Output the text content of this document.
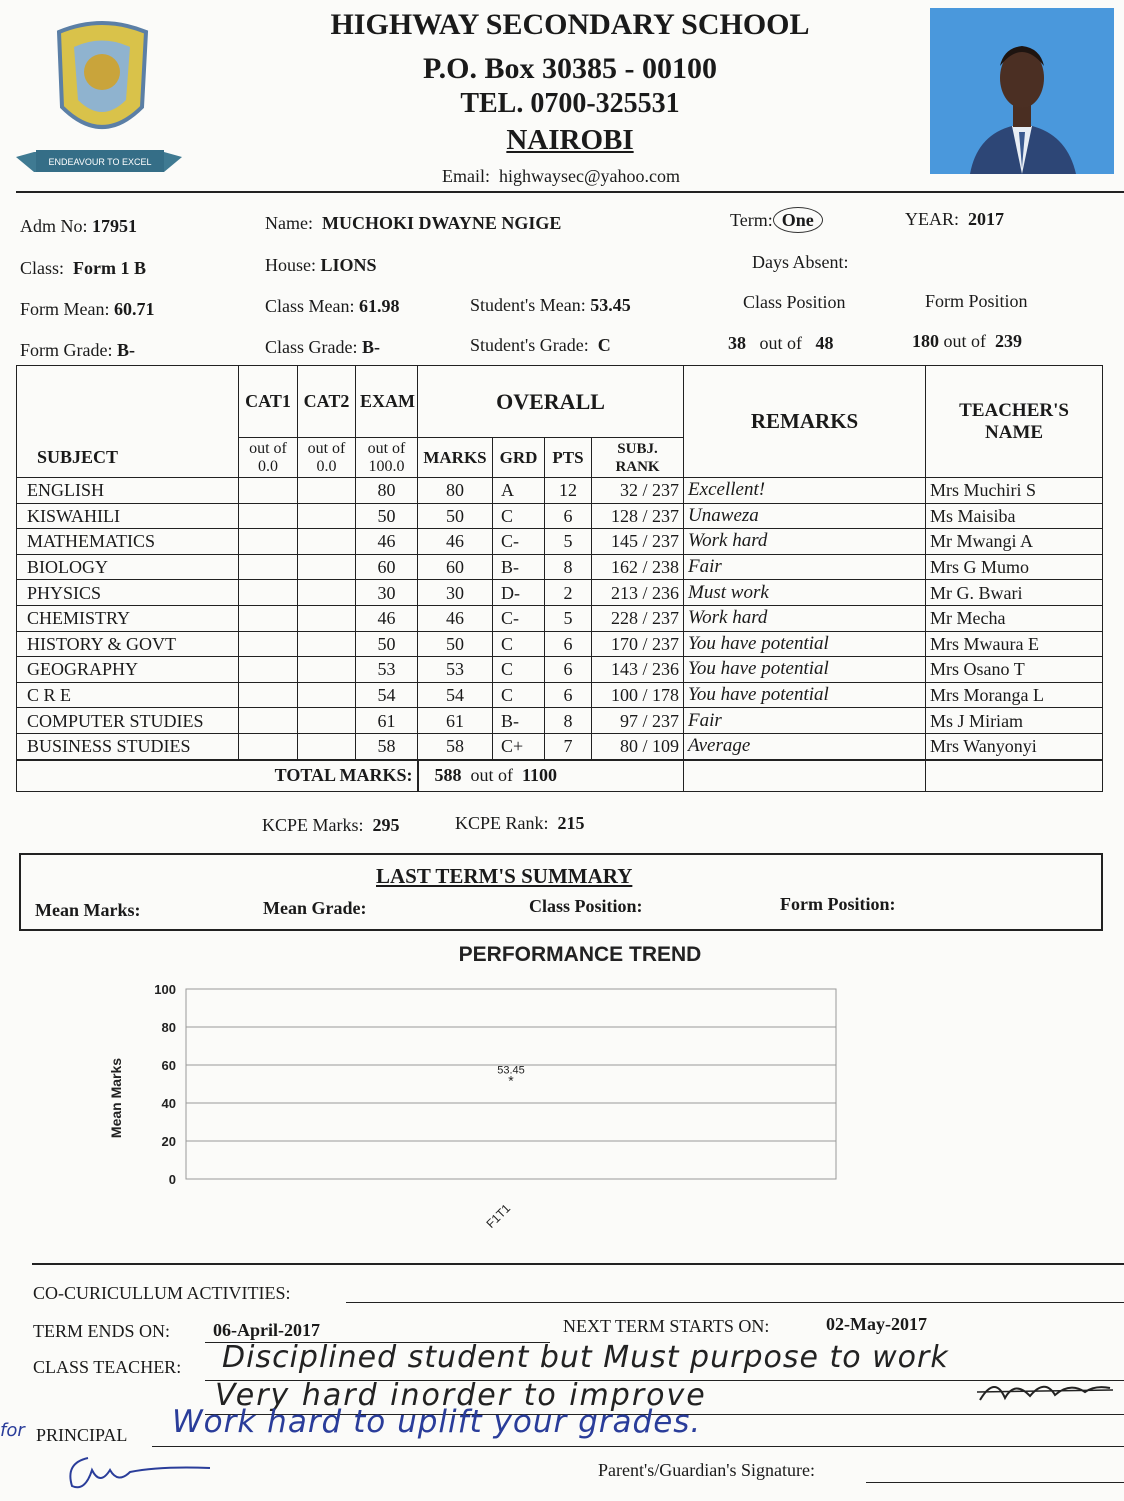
ENDEAVOUR TO EXCEL
HIGHWAY SECONDARY SCHOOL
P.O. Box 30385 - 00100
TEL. 0700-325531
NAIROBI
Email: highwaysec@yahoo.com
Adm No: 17951	Name: MUCHOKI DWAYNE NGIGE	Term: One	YEAR: 2017
Class: Form 1 B	House: LIONS	Days Absent:
Form Mean: 60.71	Class Mean: 61.98	Student's Mean: 53.45	Class Position	Form Position
Form Grade: B-	Class Grade: B-	Student's Grade: C	38 out of 48	180 out of 239
	CAT1	CAT2	EXAM	OVERALL				REMARKS	TEACHER'S NAME
SUBJECT	out of 0.0	out of 0.0	out of 100.0	MARKS	GRD	PTS	SUBJ. RANK		
ENGLISH			80	80	A	12	32 / 237	Excellent!	Mrs Muchiri S
KISWAHILI			50	50	C	6	128 / 237	Unaweza	Ms Maisiba
MATHEMATICS			46	46	C-	5	145 / 237	Work hard	Mr Mwangi A
BIOLOGY			60	60	B-	8	162 / 238	Fair	Mrs G Mumo
PHYSICS			30	30	D-	2	213 / 236	Must work	Mr G. Bwari
CHEMISTRY			46	46	C-	5	228 / 237	Work hard	Mr Mecha
HISTORY & GOVT			50	50	C	6	170 / 237	You have potential	Mrs Mwaura E
GEOGRAPHY			53	53	C	6	143 / 236	You have potential	Mrs Osano T
C R E			54	54	C	6	100 / 178	You have potential	Mrs Moranga L
COMPUTER STUDIES			61	61	B-	8	97 / 237	Fair	Ms J Miriam
BUSINESS STUDIES			58	58	C+	7	80 / 109	Average	Mrs Wanyonyi
TOTAL MARKS:				588 out of 1100					
KCPE Marks: 295	KCPE Rank: 215
LAST TERM'S SUMMARY
Mean Marks:	Mean Grade:	Class Position:	Form Position:
PERFORMANCE TREND
Mean Marks
0
20
40
60
80
100
F1T1
*
53.45
CO-CURICULLUM ACTIVITIES:
TERM ENDS ON: 06-April-2017	NEXT TERM STARTS ON:	02-May-2017
CLASS TEACHER: Disciplined student but Must purpose to work
Very hard inorder to improve
for PRINCIPAL Work hard to uplift your grades.
Parent's/Guardian's Signature:
